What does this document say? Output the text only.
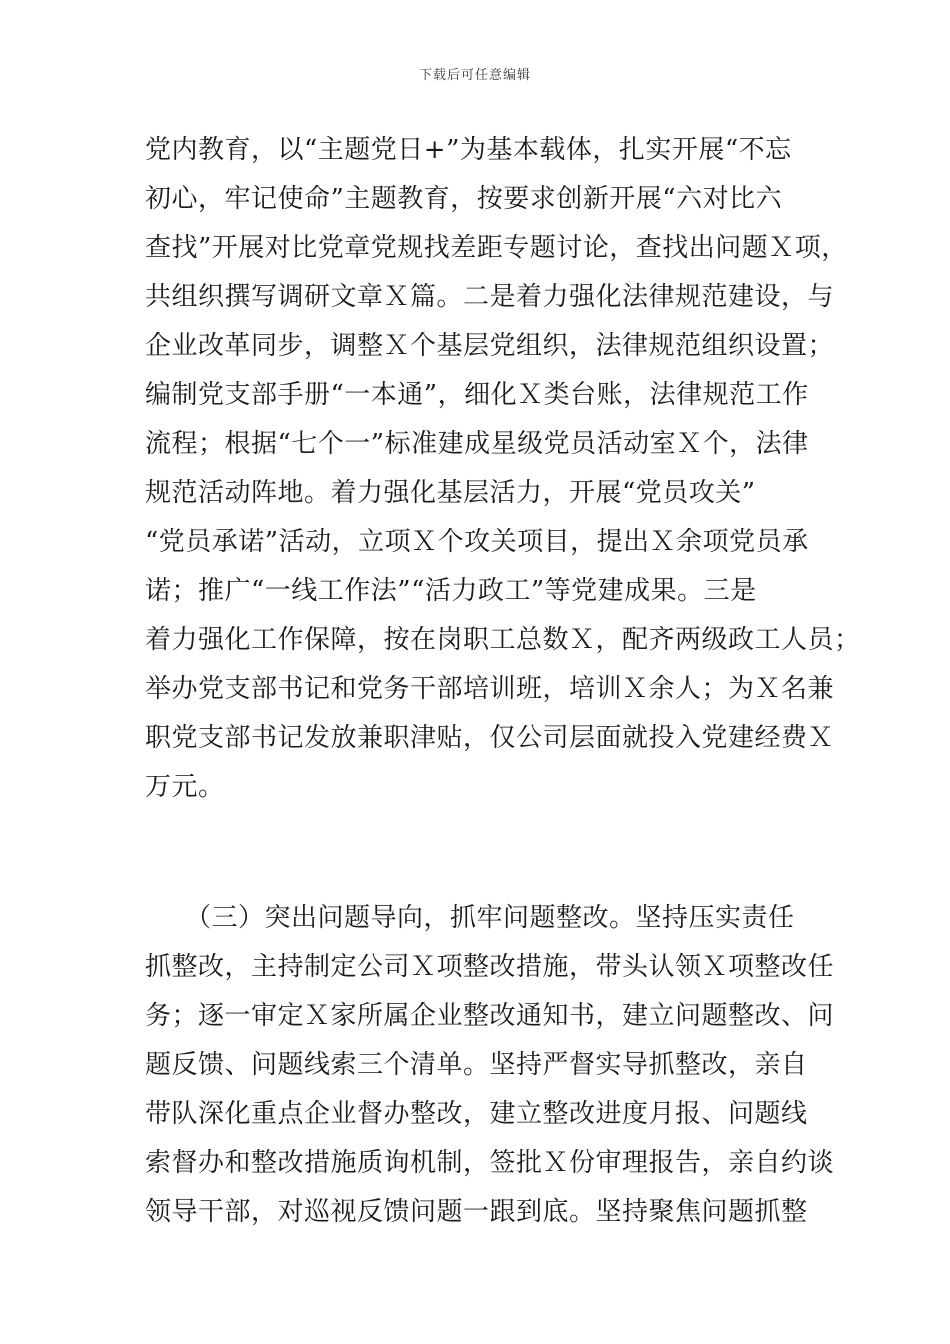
下载后可任意编辑
党内教育，以“主题党日+”为基本载体，扎实开展“不忘
初心，牢记使命”主题教育，按要求创新开展“六对比六
查找”开展对比党章党规找差距专题讨论，查找出问题Ｘ项，
共组织撰写调研文章Ｘ篇。二是着力强化法律规范建设，与
企业改革同步，调整Ｘ个基层党组织，法律规范组织设置；
编制党支部手册“一本通”，细化Ｘ类台账，法律规范工作
流程；根据“七个一”标准建成星级党员活动室Ｘ个，法律
规范活动阵地。着力强化基层活力，开展“党员攻关”
“党员承诺”活动，立项Ｘ个攻关项目，提出Ｘ余项党员承
诺；推广“一线工作法”“活力政工”等党建成果。三是
着力强化工作保障，按在岗职工总数Ｘ，配齐两级政工人员；
举办党支部书记和党务干部培训班，培训Ｘ余人；为Ｘ名兼
职党支部书记发放兼职津贴，仅公司层面就投入党建经费Ｘ
万元。
　　（三）突出问题导向，抓牢问题整改。坚持压实责任
抓整改，主持制定公司Ｘ项整改措施，带头认领Ｘ项整改任
务；逐一审定Ｘ家所属企业整改通知书，建立问题整改、问
题反馈、问题线索三个清单。坚持严督实导抓整改，亲自
带队深化重点企业督办整改，建立整改进度月报、问题线
索督办和整改措施质询机制，签批Ｘ份审理报告，亲自约谈
领导干部，对巡视反馈问题一跟到底。坚持聚焦问题抓整
